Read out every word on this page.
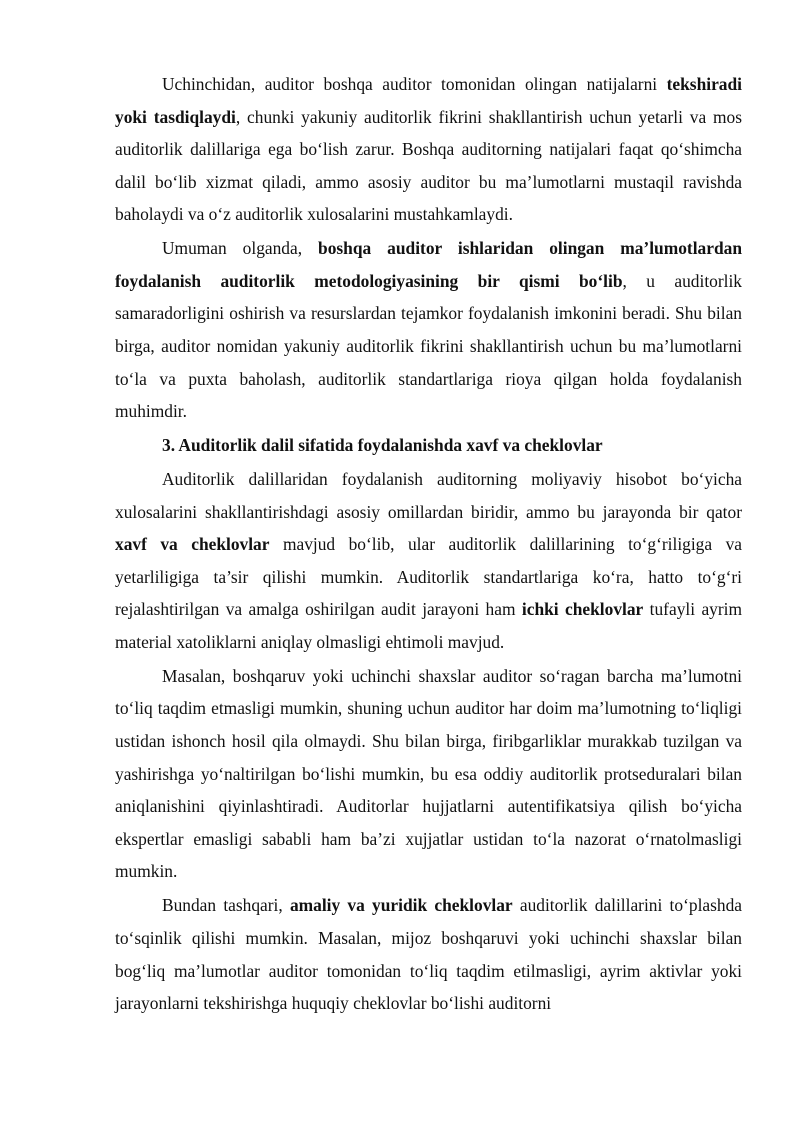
Uchinchidan, auditor boshqa auditor tomonidan olingan natijalarni tekshiradi yoki tasdiqlaydi, chunki yakuniy auditorlik fikrini shakllantirish uchun yetarli va mos auditorlik dalillariga ega bo‘lish zarur. Boshqa auditorning natijalari faqat qo‘shimcha dalil bo‘lib xizmat qiladi, ammo asosiy auditor bu ma’lumotlarni mustaqil ravishda baholaydi va o‘z auditorlik xulosalarini mustahkamlaydi.

Umuman olganda, boshqa auditor ishlaridan olingan ma’lumotlardan foydalanish auditorlik metodologiyasining bir qismi bo‘lib, u auditorlik samaradorligini oshirish va resurslardan tejamkor foydalanish imkonini beradi. Shu bilan birga, auditor nomidan yakuniy auditorlik fikrini shakllantirish uchun bu ma’lumotlarni to‘la va puxta baholash, auditorlik standartlariga rioya qilgan holda foydalanish muhimdir.

3. Auditorlik dalil sifatida foydalanishda xavf va cheklovlar

Auditorlik dalillaridan foydalanish auditorning moliyaviy hisobot bo‘yicha xulosalarini shakllantirishdagi asosiy omillardan biridir, ammo bu jarayonda bir qator xavf va cheklovlar mavjud bo‘lib, ular auditorlik dalillarining to‘g‘riligiga va yetarliligiga ta’sir qilishi mumkin. Auditorlik standartlariga ko‘ra, hatto to‘g‘ri rejalashtirilgan va amalga oshirilgan audit jarayoni ham ichki cheklovlar tufayli ayrim material xatoliklarni aniqlay olmasligi ehtimoli mavjud.

Masalan, boshqaruv yoki uchinchi shaxslar auditor so‘ragan barcha ma’lumotni to‘liq taqdim etmasligi mumkin, shuning uchun auditor har doim ma’lumotning to‘liqligi ustidan ishonch hosil qila olmaydi. Shu bilan birga, firibgarliklar murakkab tuzilgan va yashirishga yo‘naltirilgan bo‘lishi mumkin, bu esa oddiy auditorlik protseduralari bilan aniqlanishini qiyinlashtiradi. Auditorlar hujjatlarni autentifikatsiya qilish bo‘yicha ekspertlar emasligi sababli ham ba’zi xujjatlar ustidan to‘la nazorat o‘rnatolmasligi mumkin.

Bundan tashqari, amaliy va yuridik cheklovlar auditorlik dalillarini to‘plashda to‘sqinlik qilishi mumkin. Masalan, mijoz boshqaruvi yoki uchinchi shaxslar bilan bog‘liq ma’lumotlar auditor tomonidan to‘liq taqdim etilmasligi, ayrim aktivlar yoki jarayonlarni tekshirishga huquqiy cheklovlar bo‘lishi auditorni
